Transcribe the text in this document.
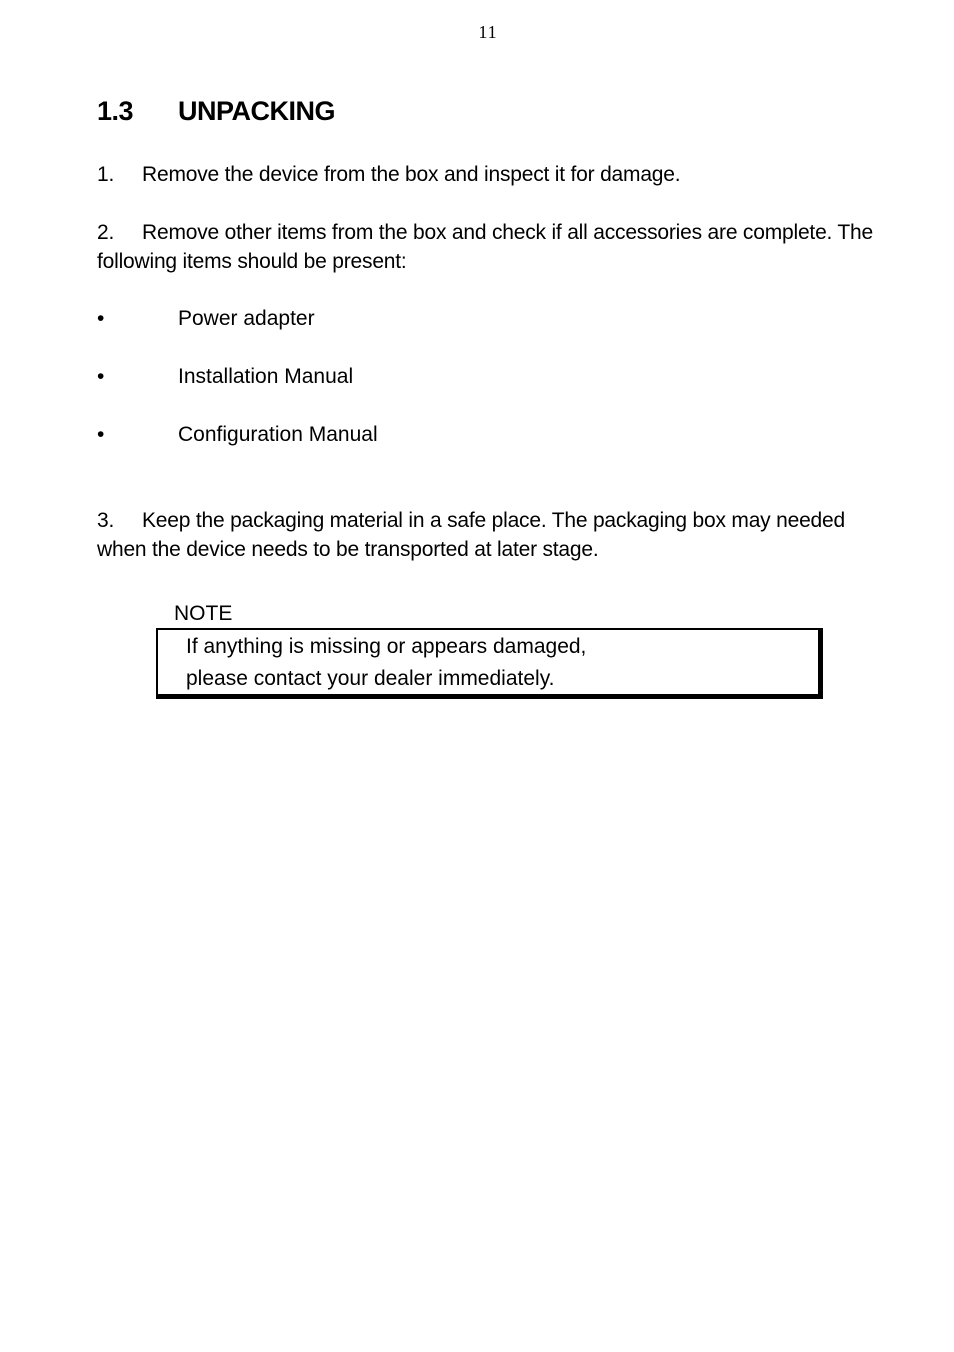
11
1.3 UNPACKING
1. Remove the device from the box and inspect it for damage.
2. Remove other items from the box and check if all accessories are complete. The following items should be present:
•	Power adapter
•	Installation Manual
•	Configuration Manual
3. Keep the packaging material in a safe place. The packaging box may needed when the device needs to be transported at later stage.
NOTE
If anything is missing or appears damaged,
please contact your dealer immediately.
